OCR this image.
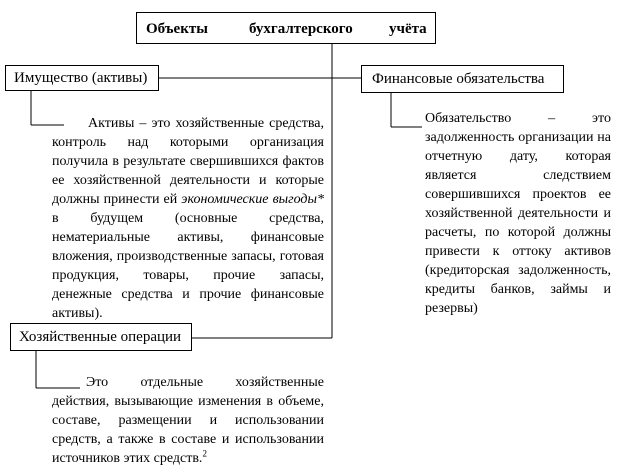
Объекты	бухгалтерского учёта
Имущество (активы)	Финансовые обязательства
Хозяйственные операции
Активы – это хозяйственные средства, контроль над которыми организация получила в результате свершившихся фактов ее хозяйственной деятельности и которые должны принести ей экономические выгоды* в будущем (основные средства, нематериальные активы, финансовые вложения, производственные запасы, готовая продукция, товары, прочие запасы, денежные средства и прочие финансовые активы).
Обязательство – это задолженность организации на отчетную дату, которая является следствием совершившихся проектов ее хозяйственной деятельности и расчеты, по которой должны привести к оттоку активов (кредиторская задолженность, кредиты банков, займы и резервы)
Это отдельные хозяйственные действия, вызывающие изменения в объеме, составе, размещении и использовании средств, а также в составе и использовании источников этих средств.$^2$
